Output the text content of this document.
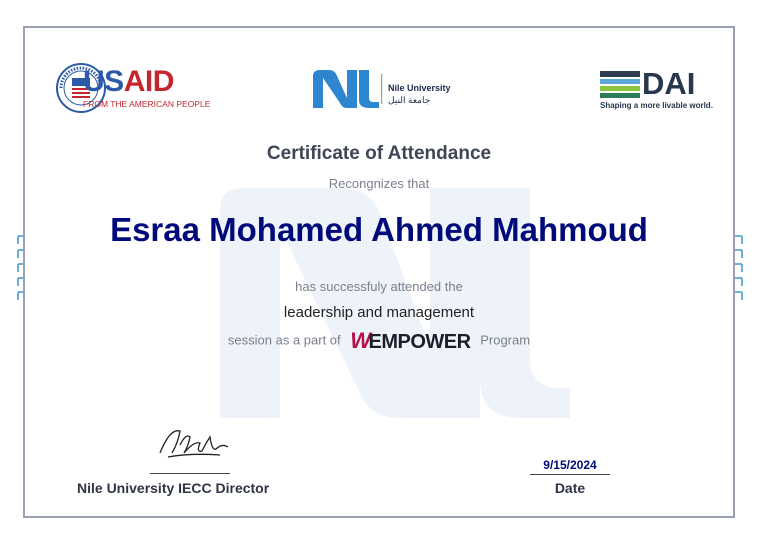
USAID
FROM THE AMERICAN PEOPLE
Nile University
جامعة النيل	DAI
Shaping a more livable world.
Certificate of Attendance
Recongnizes that
Esraa Mohamed Ahmed Mahmoud
has successfuly attended the
leadership and management
session as a part of WEMPOWER Program
Nile University IECC Director
9/15/2024
Date
